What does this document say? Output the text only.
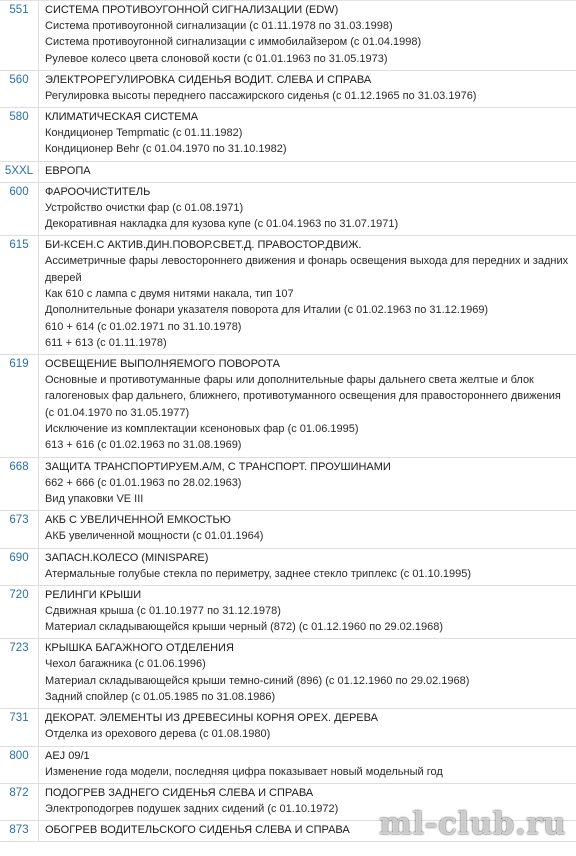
551	СИСТЕМА ПРОТИВОУГОННОЙ СИГНАЛИЗАЦИИ (EDW)
Система противоугонной сигнализации (с 01.11.1978 по 31.03.1998)
Система противоугонной сигнализации с иммобилайзером (с 01.04.1998)
Рулевое колесо цвета слоновой кости (с 01.01.1963 по 31.05.1973)
560	ЭЛЕКТРОРЕГУЛИРОВКА СИДЕНЬЯ ВОДИТ. СЛЕВА И СПРАВА
Регулировка высоты переднего пассажирского сиденья (с 01.12.1965 по 31.03.1976)
580	КЛИМАТИЧЕСКАЯ СИСТЕМА
Кондиционер Tempmatic (с 01.11.1982)
Кондиционер Behr (с 01.04.1970 по 31.10.1982)
5XXL	ЕВРОПА
600	ФАРООЧИСТИТЕЛЬ
Устройство очистки фар (с 01.08.1971)
Декоративная накладка для кузова купе (с 01.04.1963 по 31.07.1971)
615	БИ-КСЕН.С АКТИВ.ДИН.ПОВОР.СВЕТ.Д. ПРАВОСТОР.ДВИЖ.
Ассиметричные фары левостороннего движения и фонарь освещения выхода для передних и задних дверей
Как 610 с лампа с двумя нитями накала, тип 107
Дополнительные фонари указателя поворота для Италии (с 01.02.1963 по 31.12.1969)
610 + 614 (с 01.02.1971 по 31.10.1978)
611 + 613 (с 01.11.1978)
619	ОСВЕЩЕНИЕ ВЫПОЛНЯЕМОГО ПОВОРОТА
Основные и противотуманные фары или дополнительные фары дальнего света желтые и блок галогеновых фар дальнего, ближнего, противотуманного освещения для правостороннего движения (с 01.04.1970 по 31.05.1977)
Исключение из комплектации ксеноновых фар (с 01.06.1995)
613 + 616 (с 01.02.1963 по 31.08.1969)
668	ЗАЩИТА ТРАНСПОРТИРУЕМ.А/М, С ТРАНСПОРТ. ПРОУШИНАМИ
662 + 666 (с 01.01.1963 по 28.02.1963)
Вид упаковки VE III
673	АКБ С УВЕЛИЧЕННОЙ ЕМКОСТЬЮ
АКБ увеличенной мощности (с 01.01.1964)
690	ЗАПАСН.КОЛЕСО (MINISPARE)
Атермальные голубые стекла по периметру, заднее стекло триплекс (с 01.10.1995)
720	РЕЛИНГИ КРЫШИ
Сдвижная крыша (с 01.10.1977 по 31.12.1978)
Материал складывающейся крыши черный (872) (с 01.12.1960 по 29.02.1968)
723	КРЫШКА БАГАЖНОГО ОТДЕЛЕНИЯ
Чехол багажника (с 01.06.1996)
Материал складывающейся крыши темно-синий (896) (с 01.12.1960 по 29.02.1968)
Задний спойлер (с 01.05.1985 по 31.08.1986)
731	ДЕКОРАТ. ЭЛЕМЕНТЫ ИЗ ДРЕВЕСИНЫ КОРНЯ ОРЕХ. ДЕРЕВА
Отделка из орехового дерева (с 01.08.1980)
800	AEJ 09/1
Изменение года модели, последняя цифра показывает новый модельный год
872	ПОДОГРЕВ ЗАДНЕГО СИДЕНЬЯ СЛЕВА И СПРАВА
Электроподогрев подушек задних сидений (с 01.10.1972)
873	ОБОГРЕВ ВОДИТЕЛЬСКОГО СИДЕНЬЯ СЛЕВА И СПРАВА ml-club.ru
